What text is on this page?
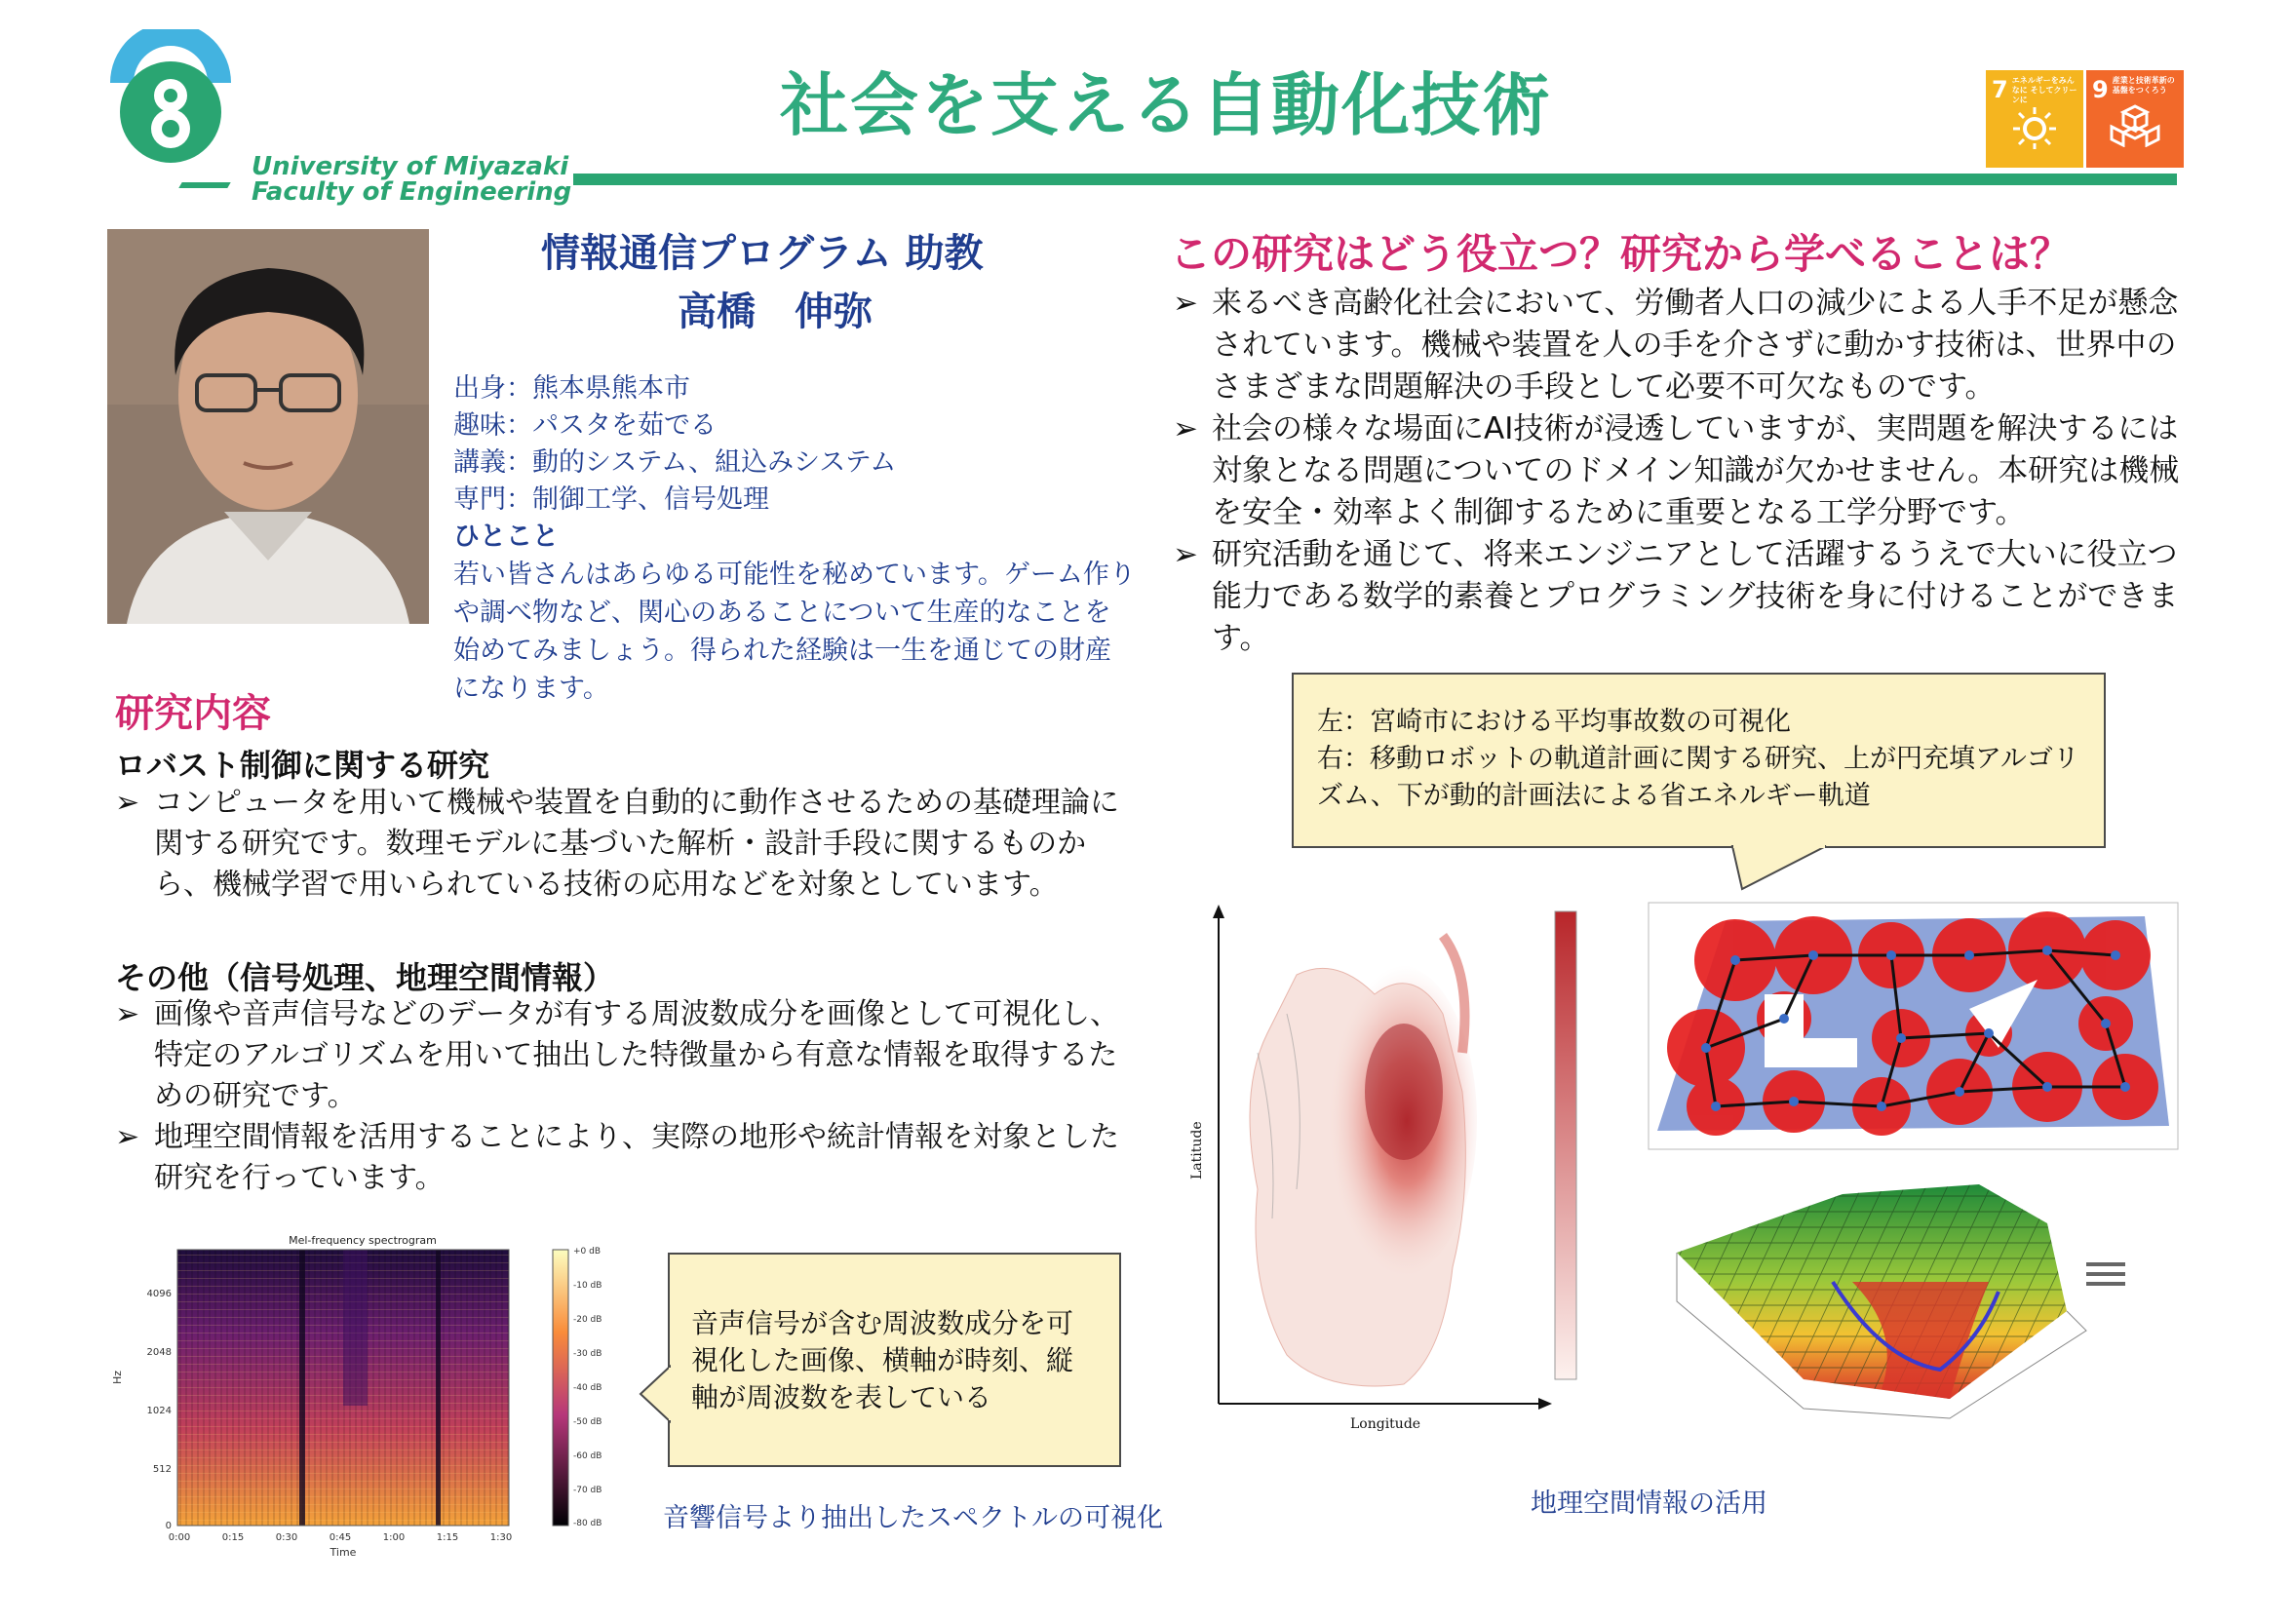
University of Miyazaki
Faculty of Engineering
社会を支える自動化技術	7 エネルギーをみんなに そしてクリーンに	9 産業と技術革新の 基盤をつくろう
情報通信プログラム 助教
高橋　伸弥
出身：熊本県熊本市
趣味：パスタを茹でる
講義：動的システム、組込みシステム
専門：制御工学、信号処理
ひとこと
若い皆さんはあらゆる可能性を秘めています。ゲーム作りや調べ物など、関心のあることについて生産的なことを始めてみましょう。得られた経験は一生を通じての財産になります。
研究内容
ロバスト制御に関する研究
➢ コンピュータを用いて機械や装置を自動的に動作させるための基礎理論に関する研究です。数理モデルに基づいた解析・設計手段に関するものから、機械学習で用いられている技術の応用などを対象としています。
その他（信号処理、地理空間情報）
➢ 画像や音声信号などのデータが有する周波数成分を画像として可視化し、特定のアルゴリズムを用いて抽出した特徴量から有意な情報を取得するための研究です。
➢ 地理空間情報を活用することにより、実際の地形や統計情報を対象とした研究を行っています。
Mel-frequency spectrogram
0
512
1024
2048
4096
Hz
0:00	0:15	0:30	0:45	1:00	1:15	1:30
Time
+0 dB
-10 dB
-20 dB
-30 dB
-40 dB
-50 dB
-60 dB
-70 dB
-80 dB
音声信号が含む周波数成分を可視化した画像、横軸が時刻、縦軸が周波数を表している
音響信号より抽出したスペクトルの可視化
この研究はどう役立つ？研究から学べることは？
➢ 来るべき高齢化社会において、労働者人口の減少による人手不足が懸念されています。機械や装置を人の手を介さずに動かす技術は、世界中のさまざまな問題解決の手段として必要不可欠なものです。
➢ 社会の様々な場面にAI技術が浸透していますが、実問題を解決するには対象となる問題についてのドメイン知識が欠かせません。本研究は機械を安全・効率よく制御するために重要となる工学分野です。
➢ 研究活動を通じて、将来エンジニアとして活躍するうえで大いに役立つ能力である数学的素養とプログラミング技術を身に付けることができます。
左：宮崎市における平均事故数の可視化
右：移動ロボットの軌道計画に関する研究、上が円充填アルゴリズム、下が動的計画法による省エネルギー軌道
Latitude
Longitude
地理空間情報の活用
